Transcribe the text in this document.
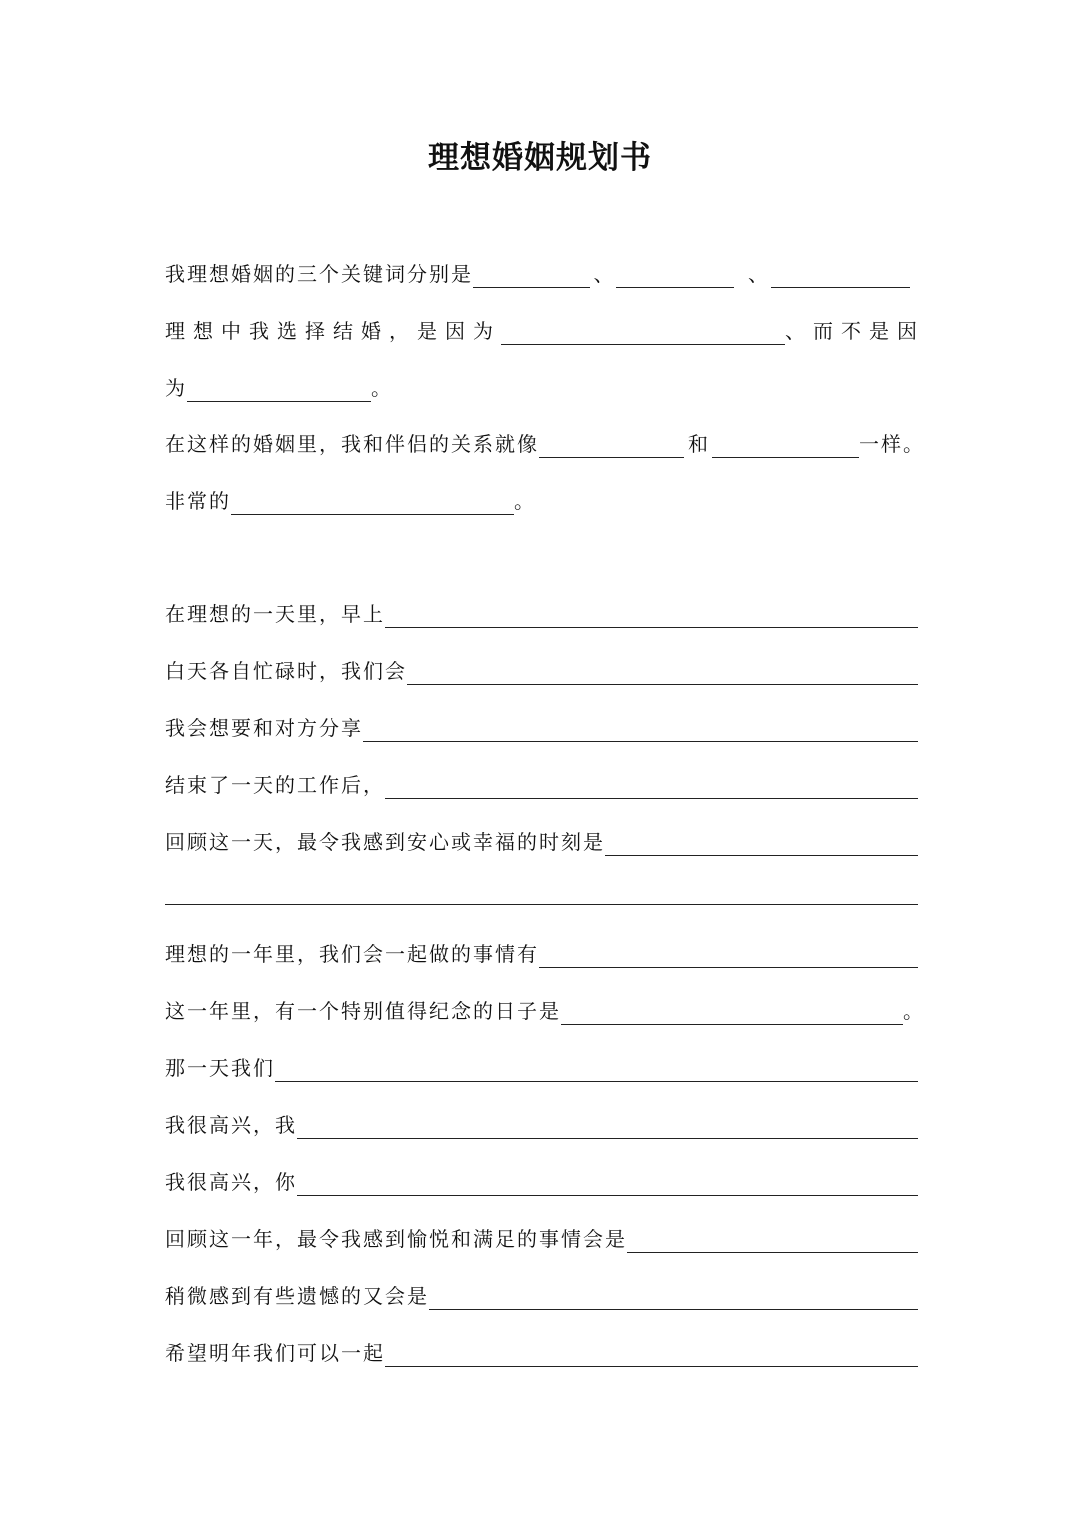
理想婚姻规划书
我理想婚姻的三个关键词分别是	、	、
理想中我选择结婚，是因为	、而不是因
为	。
在这样的婚姻里，我和伴侣的关系就像	和	一样。
非常的	。
在理想的一天里，早上
白天各自忙碌时，我们会
我会想要和对方分享
结束了一天的工作后，
回顾这一天，最令我感到安心或幸福的时刻是
理想的一年里，我们会一起做的事情有
这一年里，有一个特别值得纪念的日子是	。
那一天我们
我很高兴，我
我很高兴，你
回顾这一年，最令我感到愉悦和满足的事情会是
稍微感到有些遗憾的又会是
希望明年我们可以一起
